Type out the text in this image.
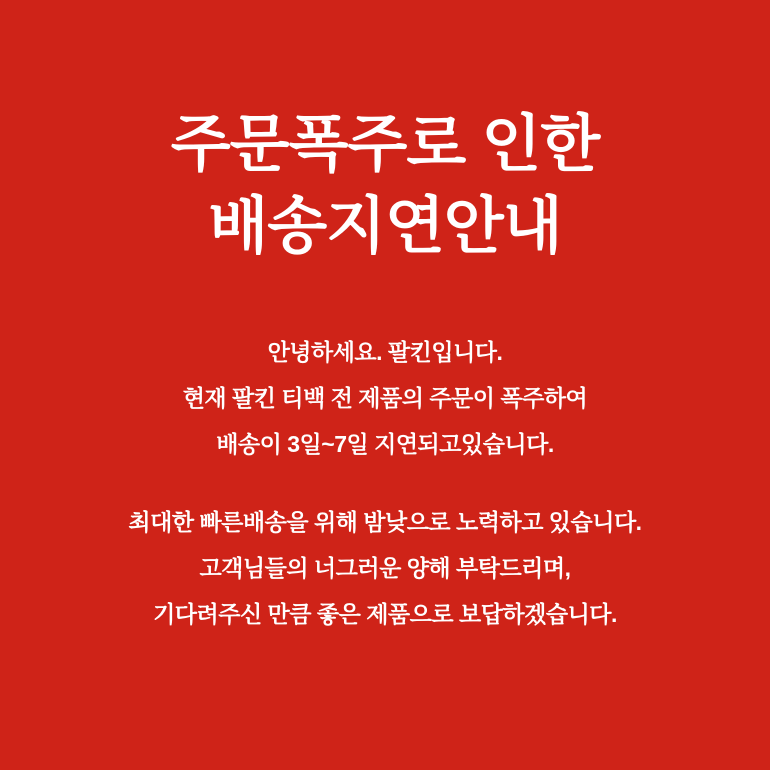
주문폭주로 인한
배송지연안내
안녕하세요. 팔킨입니다.
현재 팔킨 티백 전 제품의 주문이 폭주하여
배송이 3일~7일 지연되고있습니다.
최대한 빠른배송을 위해 밤낮으로 노력하고 있습니다.
고객님들의 너그러운 양해 부탁드리며,
기다려주신 만큼 좋은 제품으로 보답하겠습니다.
